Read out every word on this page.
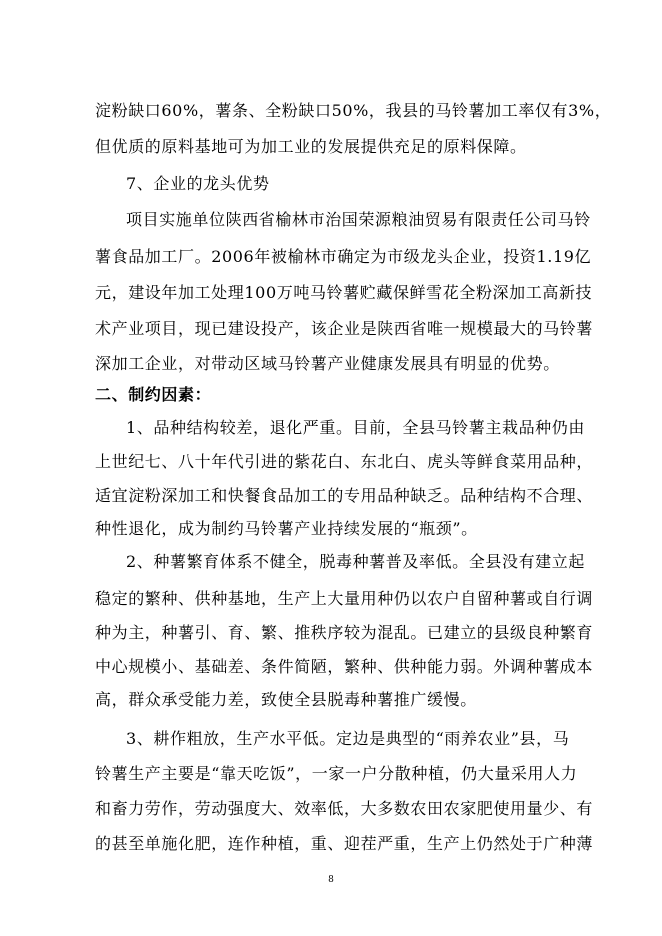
淀粉缺口60%，薯条、全粉缺口50%，我县的马铃薯加工率仅有3%，
但优质的原料基地可为加工业的发展提供充足的原料保障。
7、企业的龙头优势
项目实施单位陕西省榆林市治国荣源粮油贸易有限责任公司马铃
薯食品加工厂。2006年被榆林市确定为市级龙头企业，投资1.19亿
元，建设年加工处理100万吨马铃薯贮藏保鲜雪花全粉深加工高新技
术产业项目，现已建设投产，该企业是陕西省唯一规模最大的马铃薯
深加工企业，对带动区域马铃薯产业健康发展具有明显的优势。
二、制约因素：
1、品种结构较差，退化严重。目前，全县马铃薯主栽品种仍由
上世纪七、八十年代引进的紫花白、东北白、虎头等鲜食菜用品种，
适宜淀粉深加工和快餐食品加工的专用品种缺乏。品种结构不合理、
种性退化，成为制约马铃薯产业持续发展的“瓶颈”。
2、种薯繁育体系不健全，脱毒种薯普及率低。全县没有建立起
稳定的繁种、供种基地，生产上大量用种仍以农户自留种薯或自行调
种为主，种薯引、育、繁、推秩序较为混乱。已建立的县级良种繁育
中心规模小、基础差、条件简陋，繁种、供种能力弱。外调种薯成本
高，群众承受能力差，致使全县脱毒种薯推广缓慢。
3、耕作粗放，生产水平低。定边是典型的“雨养农业”县，马
铃薯生产主要是“靠天吃饭”，一家一户分散种植，仍大量采用人力
和畜力劳作，劳动强度大、效率低，大多数农田农家肥使用量少、有
的甚至单施化肥，连作种植，重、迎茬严重，生产上仍然处于广种薄
8
